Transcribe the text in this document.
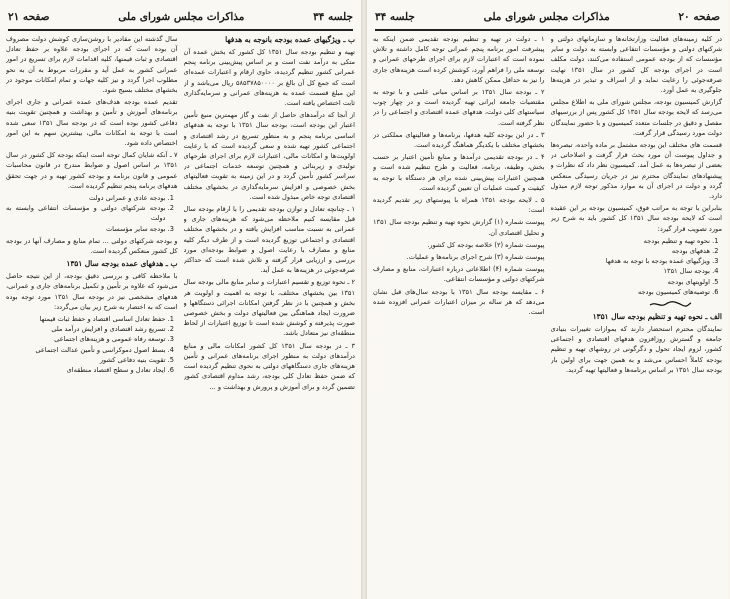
جلسه ۳۴
مذاکرات مجلس شورای ملی
صفحه ۲۱
ب ـ ویژگیهای عمده بودجه بانوجه به هدفها

تهیه و تنظیم بودجه سال ۱۳۵۱ کل کشور که بخش عمده آن متکی به درآمد نفت است و بر اساس پیش‌بینی برنامه پنجم عمرانی کشور تنظیم گردیده، حاوی ارقام و اعتبارات عمده‌ای است که جمع کل آن بالغ بر ۵۸۵۳۷۸۵۰۰۰۰ ریال می‌باشد و از این مبلغ قسمت عمده به هزینه‌های عمرانی و سرمایه‌گذاری ثابت اختصاص یافته است.

از آنجا که درآمدهای حاصل از نفت و گاز مهمترین منبع تأمین اعتبار این بودجه است، بودجه سال ۱۳۵۱ با توجه به هدفهای اساسی برنامه پنجم و به منظور تسریع در رشد اقتصادی و اجتماعی کشور تهیه شده و سعی گردیده است که با رعایت اولویت‌ها و امکانات مالی، اعتبارات لازم برای اجرای طرحهای تولیدی و زیربنائی و همچنین توسعه خدمات اجتماعی در سراسر کشور تأمین گردد و در این زمینه به تقویت فعالیتهای بخش خصوصی و افزایش سرمایه‌گذاری در بخشهای مختلف اقتصادی توجه خاص مبذول شده است.

۱ ـ چنانچه تعادل و توازن بودجه تقدیمی را با ارقام بودجه سال قبل مقایسه کنیم ملاحظه می‌شود که هزینه‌های جاری و عمرانی به نسبت مناسب افزایش یافته و در بخشهای مختلف اقتصادی و اجتماعی توزیع گردیده است و از طرف دیگر کلیه منابع و مصارف با رعایت اصول و ضوابط بودجه‌ای مورد بررسی و ارزیابی قرار گرفته و تلاش شده است که حداکثر صرفه‌جوئی در هزینه‌ها به عمل آید.

۲ ـ نحوه توزیع و تقسیم اعتبارات و سایر منابع مالی بودجه سال ۱۳۵۱ بین بخشهای مختلف، با توجه به اهمیت و اولویت هر بخش و همچنین با در نظر گرفتن امکانات اجرائی دستگاهها و ضرورت ایجاد هماهنگی بین فعالیتهای دولت و بخش خصوصی صورت پذیرفته و کوشش شده است تا توزیع اعتبارات از لحاظ منطقه‌ای نیز متعادل باشد.

۳ ـ در بودجه سال ۱۳۵۱ کل کشور امکانات مالی و منابع درآمدهای دولت به منظور اجرای برنامه‌های عمرانی و تأمین هزینه‌های جاری دستگاههای دولتی به نحوی تنظیم گردیده است که ضمن حفظ تعادل کلی بودجه، رشد مداوم اقتصادی کشور تضمین گردد و برای آموزش و پرورش و بهداشت و ...

سال گذشته این مقادیر با روشن‌سازی کوشش دولت مصروف آن بوده است که در اجرای بودجه علاوه بر حفظ تعادل اقتصادی و ثبات قیمتها، کلیه اقدامات لازم برای تسریع در امور عمرانی کشور به عمل آید و مقررات مربوط به آن به نحو مطلوب اجرا گردد و نیز کلیه جهات و تمام امکانات موجود در بخشهای مختلف بسیج شود.

تقدیم عمده بودجه هدف‌های عمده عمرانی و جاری اجرای برنامه‌های آموزش و تأمین و بهداشت و همچنین تقویت بنیه دفاعی کشور بوده است که در بودجه سال ۱۳۵۱ سعی شده است با توجه به امکانات مالی، بیشترین سهم به این امور اختصاص داده شود.

۷ ـ آنکه شایان کمال توجه است اینکه بودجه کل کشور در سال ۱۳۵۱ بر اساس اصول و ضوابط مندرج در قانون محاسبات عمومی و قانون برنامه و بودجه کشور تهیه و در جهت تحقق هدفهای برنامه پنجم تنظیم گردیده است.

1. بودجه عادی و عمرانی دولت
2. بودجه شرکتهای دولتی و مؤسسات انتفاعی وابسته به دولت
3. بودجه سایر مؤسسات

و بودجه شرکتهای دولتی ... تمام منابع و مصارف آنها در بودجه کل کشور منعکس گردیده است.

ب ـ هدفهای عمده بودجه سال ۱۳۵۱

با ملاحظه کافی و بررسی دقیق بودجه، از این نتیجه حاصل می‌شود که علاوه بر تأمین و تکمیل برنامه‌های جاری و عمرانی، هدفهای مشخصی نیز در بودجه سال ۱۳۵۱ مورد توجه بوده است که به اختصار به شرح زیر بیان می‌گردد:

1. حفظ تعادل اساسی اقتصاد و حفظ ثبات قیمتها
2. تسریع رشد اقتصادی و افزایش درآمد ملی
3. توسعه رفاه عمومی و هزینه‌های اجتماعی
4. بسط اصول دموکراسی و تأمین عدالت اجتماعی
5. تقویت بنیه دفاعی کشور
6. ایجاد تعادل و سطح اقتصاد منطقه‌ای
صفحه ۲۰
مذاکرات مجلس شورای ملی
جلسه ۳۴

در کلیه زمینه‌های فعالیت وزارتخانه‌ها و سازمانهای دولتی و شرکتهای دولتی و مؤسسات انتفاعی وابسته به دولت و سایر مؤسسات که از بودجه عمومی استفاده می‌کنند، دولت مکلف است در اجرای بودجه کل کشور در سال ۱۳۵۱ نهایت صرفه‌جوئی را رعایت نماید و از اسراف و تبذیر در هزینه‌ها جلوگیری به عمل آورد.

گزارش کمیسیون بودجه، مجلس شورای ملی به اطلاع مجلس می‌رسد که لایحه بودجه سال ۱۳۵۱ کل کشور پس از بررسیهای مفصل و دقیق در جلسات متعدد کمیسیون و با حضور نمایندگان دولت مورد رسیدگی قرار گرفت.

قسمت های مختلف این بودجه مشتمل بر ماده واحده، تبصره‌ها و جداول پیوست آن مورد بحث قرار گرفت و اصلاحاتی در بعضی از تبصره‌ها به عمل آمد. کمیسیون نظر داد که نظرات و پیشنهادهای نمایندگان محترم نیز در جریان رسیدگی منعکس گردد و دولت در اجرای آن به موارد مذکور توجه لازم مبذول دارد.

بنابراین با توجه به مراتب فوق، کمیسیون بودجه بر این عقیده است که لایحه بودجه سال ۱۳۵۱ کل کشور باید به شرح زیر مورد تصویب قرار گیرد:

1. نحوه تهیه و تنظیم بودجه
2. هدفهای بودجه
3. ویژگیهای عمده بودجه با توجه به هدفها
4. بودجه سال ۱۳۵۱
5. اولویتهای بودجه
6. توصیه‌های کمیسیون بودجه
الف ـ نحوه تهیه و تنظیم بودجه سال ۱۳۵۱

نمایندگان محترم استحضار دارند که بموازات تغییرات بنیادی جامعه و گسترش روزافزون هدفهای اقتصادی و اجتماعی کشور، لزوم ایجاد تحول و دگرگونی در روشهای تهیه و تنظیم بودجه کاملاً احساس می‌شد و به همین جهت برای اولین بار بودجه سال ۱۳۵۱ بر اساس برنامه‌ها و فعالیتها تهیه گردید.

۱ ـ دولت در تهیه و تنظیم بودجه تقدیمی ضمن اینکه به پیشرفت امور برنامه پنجم عمرانی توجه کامل داشته و تلاش نموده است که اعتبارات لازم برای اجرای طرحهای عمرانی و توسعه ملی را فراهم آورد، کوشش کرده است هزینه‌های جاری را نیز به حداقل ممکن کاهش دهد.

۲ ـ بودجه سال ۱۳۵۱ بر اساس مبانی علمی و با توجه به مقتضیات جامعه ایرانی تهیه گردیده است و در چهار چوب سیاستهای کلی دولت، هدفهای عمده اقتصادی و اجتماعی را در نظر گرفته است.

۳ ـ در این بودجه کلیه هدفها، برنامه‌ها و فعالیتهای مملکتی در بخشهای مختلف با یکدیگر هماهنگ گردیده است.

۴ ـ در بودجه تقدیمی درآمدها و منابع تأمین اعتبار بر حسب بخش، وظیفه، برنامه، فعالیت و طرح تنظیم شده است و همچنین اعتبارات پیش‌بینی شده برای هر دستگاه با توجه به کیفیت و کمیت عملیات آن تعیین گردیده است.

۵ ـ لایحه بودجه ۱۳۵۱ همراه با پیوستهای زیر تقدیم گردیده است:

پیوست شماره (۱) گزارش نحوه تهیه و تنظیم بودجه سال ۱۳۵۱ و تحلیل اقتصادی آن.

پیوست شماره (۲) خلاصه بودجه کل کشور.

پیوست شماره (۳) شرح اجرای برنامه‌ها و عملیات.

پیوست شماره (۴) اطلاعاتی درباره اعتبارات، منابع و مصارف شرکتهای دولتی و مؤسسات انتفاعی.

۶ ـ مقایسه بودجه سال ۱۳۵۱ با بودجه سال‌های قبل نشان می‌دهد که هر ساله بر میزان اعتبارات عمرانی افزوده شده است.
